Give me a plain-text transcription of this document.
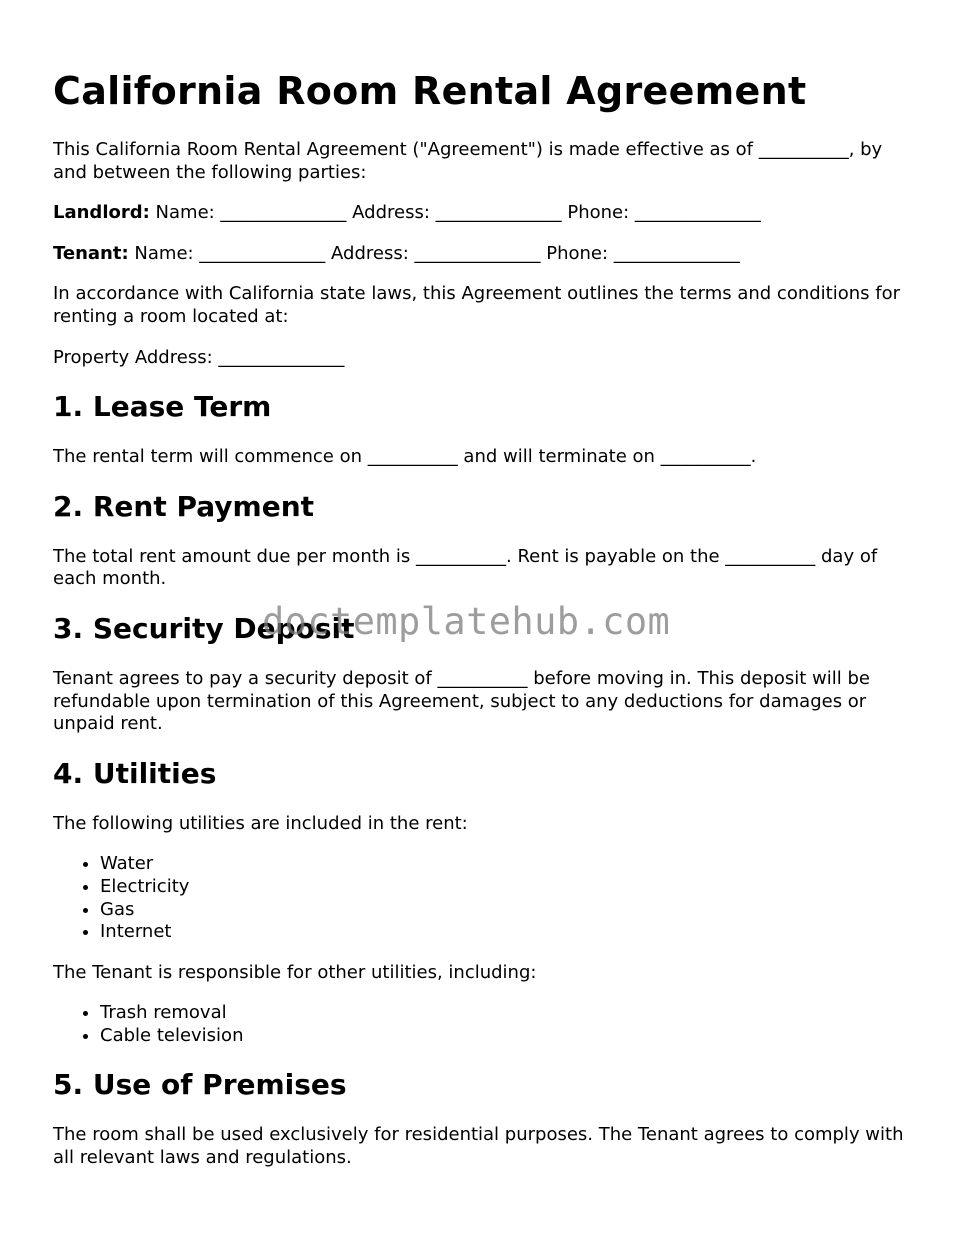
California Room Rental Agreement

This California Room Rental Agreement ("Agreement") is made effective as of __________, by and between the following parties:

Landlord: Name: ______________ Address: ______________ Phone: ______________

Tenant: Name: ______________ Address: ______________ Phone: ______________

In accordance with California state laws, this Agreement outlines the terms and conditions for renting a room located at:

Property Address: ______________

1. Lease Term

The rental term will commence on __________ and will terminate on __________.

2. Rent Payment

The total rent amount due per month is __________. Rent is payable on the __________ day of each month.

3. Security Deposit

Tenant agrees to pay a security deposit of __________ before moving in. This deposit will be refundable upon termination of this Agreement, subject to any deductions for damages or unpaid rent.

4. Utilities

The following utilities are included in the rent:

• Water
• Electricity
• Gas
• Internet

The Tenant is responsible for other utilities, including:

• Trash removal
• Cable television
5. Use of Premises

The room shall be used exclusively for residential purposes. The Tenant agrees to comply with all relevant laws and regulations.

doctemplatehub.com
